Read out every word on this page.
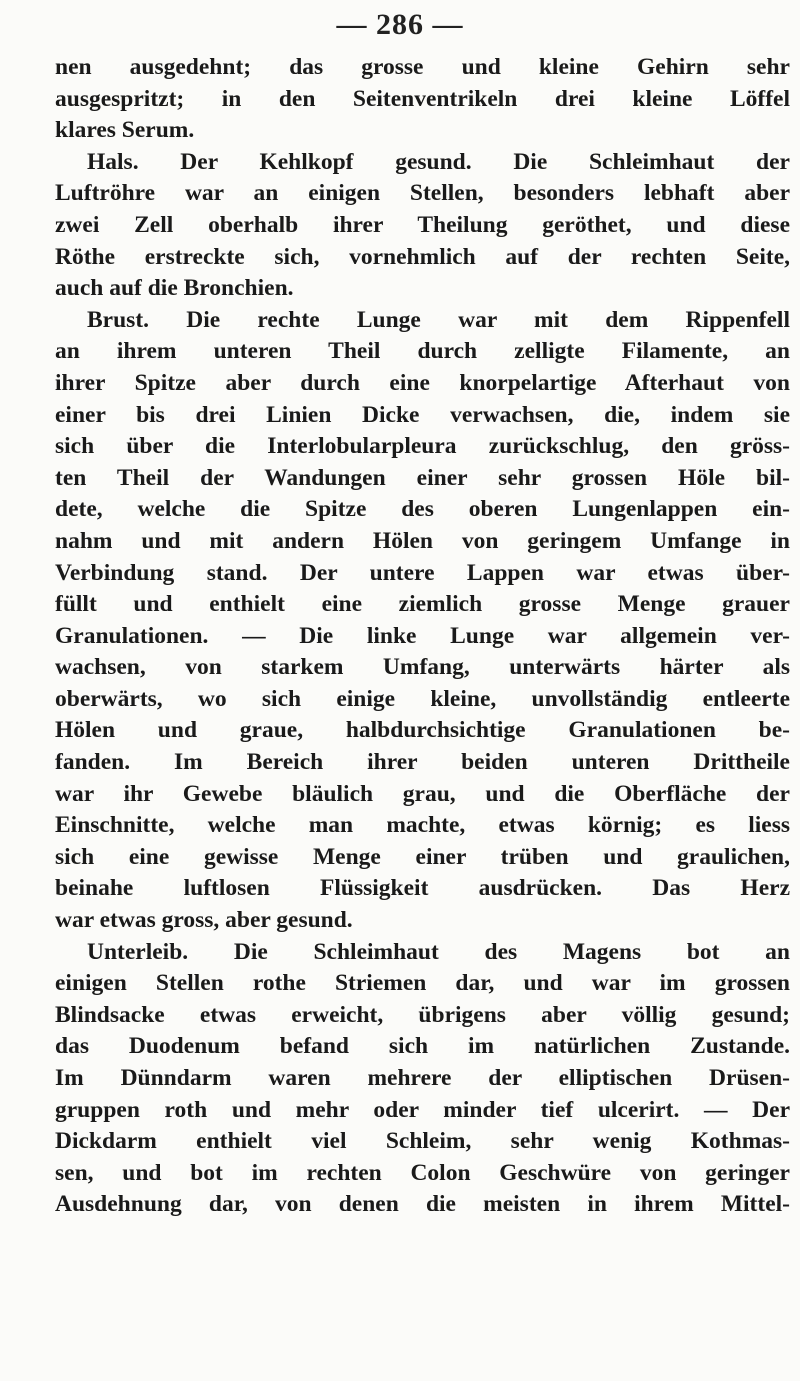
— 286 —
nen ausgedehnt; das grosse und kleine Gehirn sehr
ausgespritzt; in den Seitenventrikeln drei kleine Löffel
klares Serum.
Hals. Der Kehlkopf gesund. Die Schleimhaut der
Luftröhre war an einigen Stellen, besonders lebhaft aber
zwei Zell oberhalb ihrer Theilung geröthet, und diese
Röthe erstreckte sich, vornehmlich auf der rechten Seite,
auch auf die Bronchien.
Brust. Die rechte Lunge war mit dem Rippenfell
an ihrem unteren Theil durch zelligte Filamente, an
ihrer Spitze aber durch eine knorpelartige Afterhaut von
einer bis drei Linien Dicke verwachsen, die, indem sie
sich über die Interlobularpleura zurückschlug, den gröss-
ten Theil der Wandungen einer sehr grossen Höle bil-
dete, welche die Spitze des oberen Lungenlappen ein-
nahm und mit andern Hölen von geringem Umfange in
Verbindung stand. Der untere Lappen war etwas über-
füllt und enthielt eine ziemlich grosse Menge grauer
Granulationen. — Die linke Lunge war allgemein ver-
wachsen, von starkem Umfang, unterwärts härter als
oberwärts, wo sich einige kleine, unvollständig entleerte
Hölen und graue, halbdurchsichtige Granulationen be-
fanden. Im Bereich ihrer beiden unteren Drittheile
war ihr Gewebe bläulich grau, und die Oberfläche der
Einschnitte, welche man machte, etwas körnig; es liess
sich eine gewisse Menge einer trüben und graulichen,
beinahe luftlosen Flüssigkeit ausdrücken. Das Herz
war etwas gross, aber gesund.
Unterleib. Die Schleimhaut des Magens bot an
einigen Stellen rothe Striemen dar, und war im grossen
Blindsacke etwas erweicht, übrigens aber völlig gesund;
das Duodenum befand sich im natürlichen Zustande.
Im Dünndarm waren mehrere der elliptischen Drüsen-
gruppen roth und mehr oder minder tief ulcerirt. — Der
Dickdarm enthielt viel Schleim, sehr wenig Kothmas-
sen, und bot im rechten Colon Geschwüre von geringer
Ausdehnung dar, von denen die meisten in ihrem Mittel-
